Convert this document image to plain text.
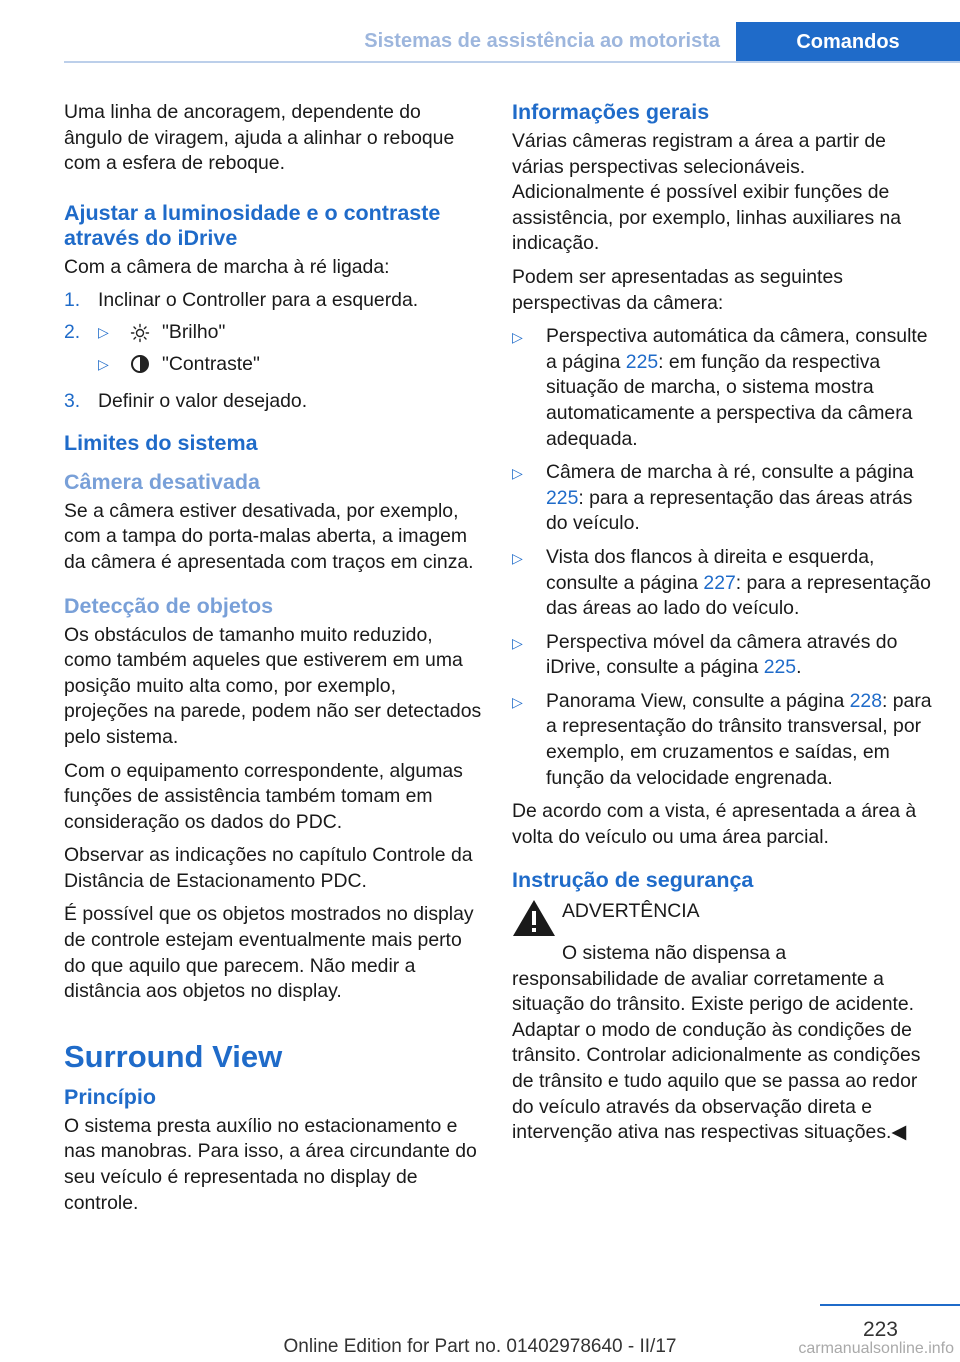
Sistemas de assistência ao motorista	Comandos

Uma linha de ancoragem, dependente do ângulo de viragem, ajuda a alinhar o reboque com a esfera de reboque.

Ajustar a luminosidade e o contraste através do iDrive

Com a câmera de marcha à ré ligada:

1. Inclinar o Controller para a esquerda.
2.	▷	"Brilho"
▷	"Contraste"
3. Definir o valor desejado.
Limites do sistema
Câmera desativada

Se a câmera estiver desativada, por exemplo, com a tampa do porta-malas aberta, a imagem da câmera é apresentada com traços em cinza.

Detecção de objetos

Os obstáculos de tamanho muito reduzido, como também aqueles que estiverem em uma posição muito alta como, por exemplo, projeções na parede, podem não ser detectados pelo sistema.

Com o equipamento correspondente, algumas funções de assistência também tomam em consideração os dados do PDC.

Observar as indicações no capítulo Controle da Distância de Estacionamento PDC.

É possível que os objetos mostrados no display de controle estejam eventualmente mais perto do que aquilo que parecem. Não medir a distância aos objetos no display.

Surround View
Princípio

O sistema presta auxílio no estacionamento e nas manobras. Para isso, a área circundante do seu veículo é representada no display de controle.

Informações gerais

Várias câmeras registram a área a partir de várias perspectivas selecionáveis. Adicionalmente é possível exibir funções de assistência, por exemplo, linhas auxiliares na indicação.

Podem ser apresentadas as seguintes perspectivas da câmera:

▷	Perspectiva automática da câmera, consulte a página 225: em função da respectiva situação de marcha, o sistema mostra automaticamente a perspectiva da câmera adequada.
▷	Câmera de marcha à ré, consulte a página 225: para a representação das áreas atrás do veículo.
▷	Vista dos flancos à direita e esquerda, consulte a página 227: para a representação das áreas ao lado do veículo.
▷	Perspectiva móvel da câmera através do iDrive, consulte a página 225.
▷	Panorama View, consulte a página 228: para a representação do trânsito transversal, por exemplo, em cruzamentos e saídas, em função da velocidade engrenada.

De acordo com a vista, é apresentada a área à volta do veículo ou uma área parcial.

Instrução de segurança
ADVERTÊNCIA

O sistema não dispensa a responsabilidade de avaliar corretamente a situação do trânsito. Existe perigo de acidente. Adaptar o modo de condução às condições de trânsito. Controlar adicionalmente as condições de trânsito e tudo aquilo que se passa ao redor do veículo através da observação direta e intervenção ativa nas respectivas situações.◀

223
Online Edition for Part no. 01402978640 - II/17	carmanualsonline.info
